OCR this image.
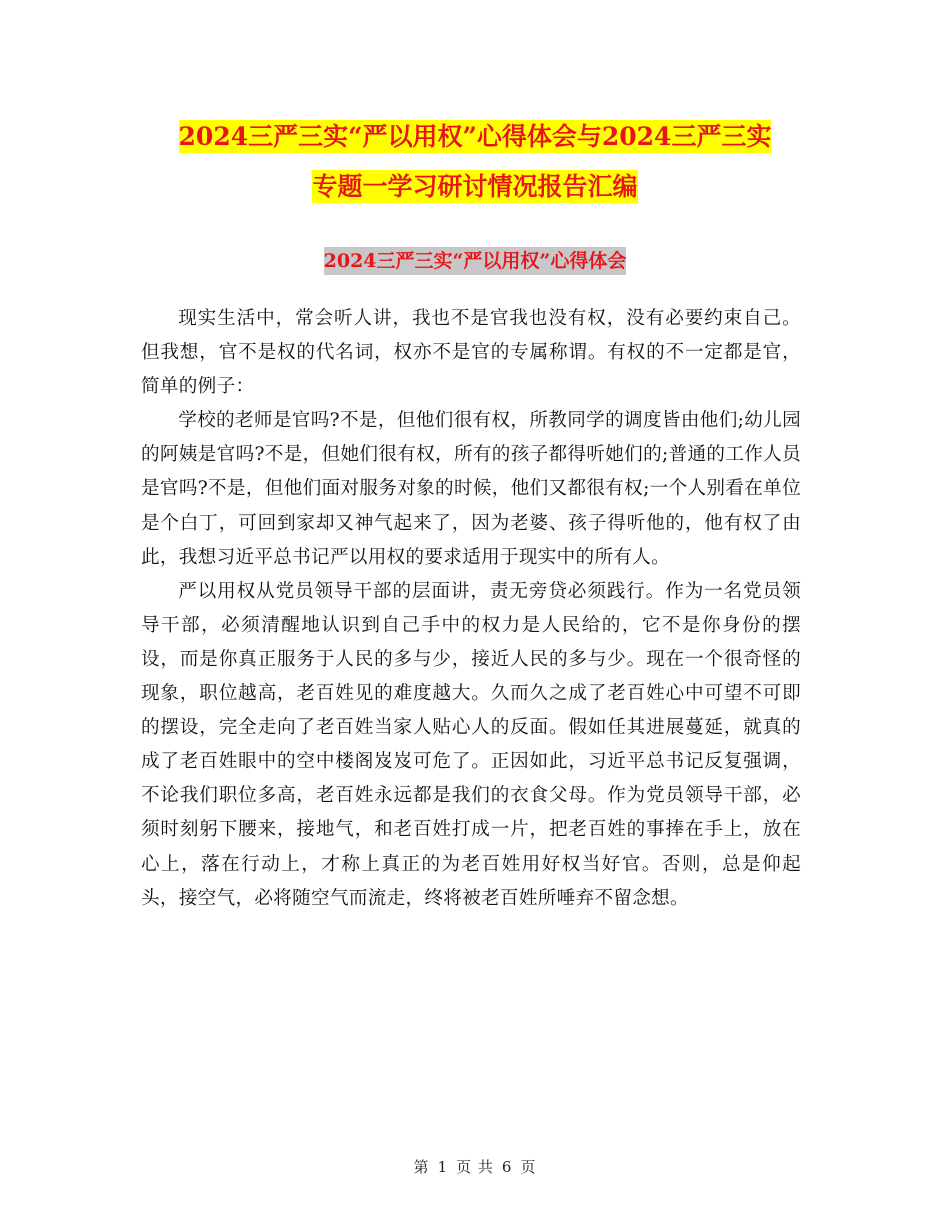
2024三严三实“严以用权”心得体会与2024三严三实
专题一学习研讨情况报告汇编
2024三严三实“严以用权”心得体会

现实生活中，常会听人讲，我也不是官我也没有权，没有必要约束自己。但我想，官不是权的代名词，权亦不是官的专属称谓。有权的不一定都是官，简单的例子：

学校的老师是官吗?不是，但他们很有权，所教同学的调度皆由他们;幼儿园的阿姨是官吗?不是，但她们很有权，所有的孩子都得听她们的;普通的工作人员是官吗?不是，但他们面对服务对象的时候，他们又都很有权;一个人别看在单位是个白丁，可回到家却又神气起来了，因为老婆、孩子得听他的，他有权了由此，我想习近平总书记严以用权的要求适用于现实中的所有人。

严以用权从党员领导干部的层面讲，责无旁贷必须践行。作为一名党员领导干部，必须清醒地认识到自己手中的权力是人民给的，它不是你身份的摆设，而是你真正服务于人民的多与少，接近人民的多与少。现在一个很奇怪的现象，职位越高，老百姓见的难度越大。久而久之成了老百姓心中可望不可即的摆设，完全走向了老百姓当家人贴心人的反面。假如任其进展蔓延，就真的成了老百姓眼中的空中楼阁岌岌可危了。正因如此，习近平总书记反复强调，不论我们职位多高，老百姓永远都是我们的衣食父母。作为党员领导干部，必须时刻躬下腰来，接地气，和老百姓打成一片，把老百姓的事捧在手上，放在心上，落在行动上，才称上真正的为老百姓用好权当好官。否则，总是仰起头，接空气，必将随空气而流走，终将被老百姓所唾弃不留念想。

第 1 页 共 6 页
